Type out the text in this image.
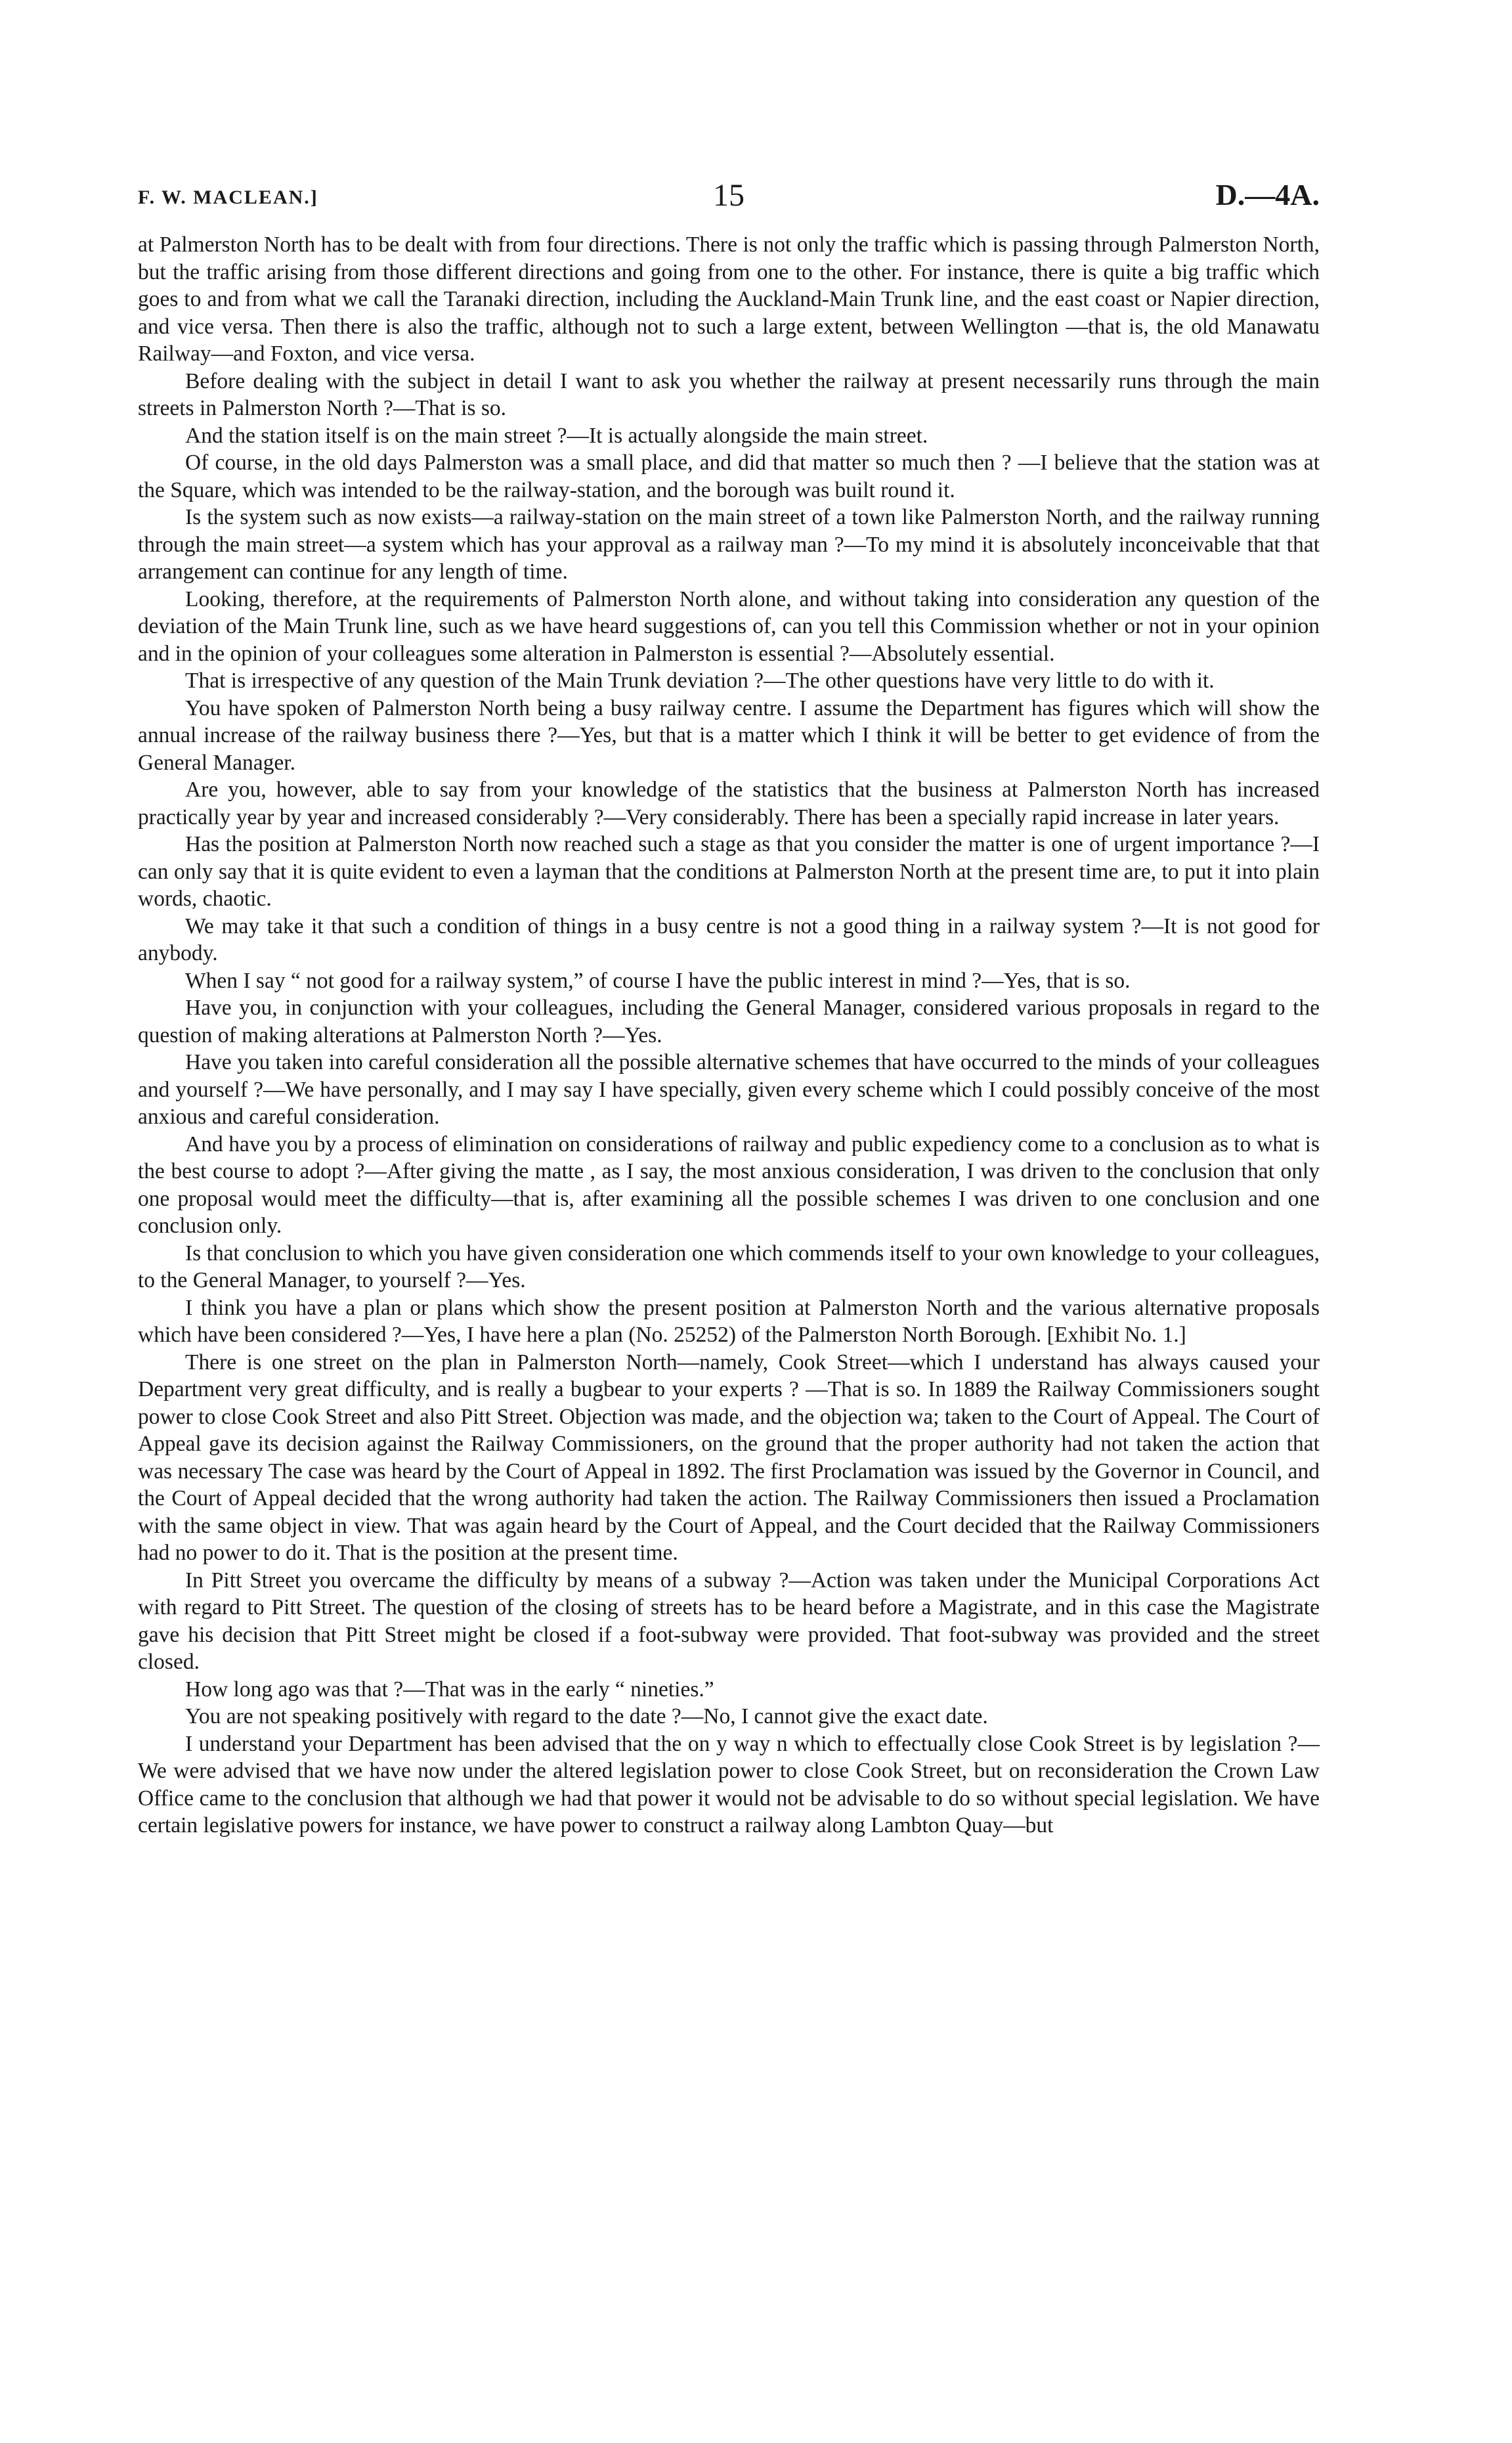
F. W. MACLEAN.]	15	D.—4A.

at Palmerston North has to be dealt with from four directions. There is not only the traffic which is passing through Palmerston North, but the traffic arising from those different directions and going from one to the other. For instance, there is quite a big traffic which goes to and from what we call the Taranaki direction, including the Auckland-Main Trunk line, and the east coast or Napier direction, and vice versa. Then there is also the traffic, although not to such a large extent, between Wellington —that is, the old Manawatu Railway—and Foxton, and vice versa.

Before dealing with the subject in detail I want to ask you whether the railway at present necessarily runs through the main streets in Palmerston North ?—That is so.

And the station itself is on the main street ?—It is actually alongside the main street.

Of course, in the old days Palmerston was a small place, and did that matter so much then ? —I believe that the station was at the Square, which was intended to be the railway-station, and the borough was built round it.

Is the system such as now exists—a railway-station on the main street of a town like Palmerston North, and the railway running through the main street—a system which has your approval as a railway man ?—To my mind it is absolutely inconceivable that that arrangement can continue for any length of time.

Looking, therefore, at the requirements of Palmerston North alone, and without taking into consideration any question of the deviation of the Main Trunk line, such as we have heard suggestions of, can you tell this Commission whether or not in your opinion and in the opinion of your colleagues some alteration in Palmerston is essential ?—Absolutely essential.

That is irrespective of any question of the Main Trunk deviation ?—The other questions have very little to do with it.

You have spoken of Palmerston North being a busy railway centre. I assume the Department has figures which will show the annual increase of the railway business there ?—Yes, but that is a matter which I think it will be better to get evidence of from the General Manager.

Are you, however, able to say from your knowledge of the statistics that the business at Palmerston North has increased practically year by year and increased considerably ?—Very considerably. There has been a specially rapid increase in later years.

Has the position at Palmerston North now reached such a stage as that you consider the matter is one of urgent importance ?—I can only say that it is quite evident to even a layman that the conditions at Palmerston North at the present time are, to put it into plain words, chaotic.

We may take it that such a condition of things in a busy centre is not a good thing in a railway system ?—It is not good for anybody.

When I say “ not good for a railway system,” of course I have the public interest in mind ?—Yes, that is so.

Have you, in conjunction with your colleagues, including the General Manager, considered various proposals in regard to the question of making alterations at Palmerston North ?—Yes.

Have you taken into careful consideration all the possible alternative schemes that have occurred to the minds of your colleagues and yourself ?—We have personally, and I may say I have specially, given every scheme which I could possibly conceive of the most anxious and careful consideration.

And have you by a process of elimination on considerations of railway and public expediency come to a conclusion as to what is the best course to adopt ?—After giving the matte , as I say, the most anxious consideration, I was driven to the conclusion that only one proposal would meet the difficulty—that is, after examining all the possible schemes I was driven to one conclusion and one conclusion only.

Is that conclusion to which you have given consideration one which commends itself to your own knowledge to your colleagues, to the General Manager, to yourself ?—Yes.

I think you have a plan or plans which show the present position at Palmerston North and the various alternative proposals which have been considered ?—Yes, I have here a plan (No. 25252) of the Palmerston North Borough. [Exhibit No. 1.]

There is one street on the plan in Palmerston North—namely, Cook Street—which I understand has always caused your Department very great difficulty, and is really a bugbear to your experts ? —That is so. In 1889 the Railway Commissioners sought power to close Cook Street and also Pitt Street. Objection was made, and the objection wa; taken to the Court of Appeal. The Court of Appeal gave its decision against the Railway Commissioners, on the ground that the proper authority had not taken the action that was necessary The case was heard by the Court of Appeal in 1892. The first Proclamation was issued by the Governor in Council, and the Court of Appeal decided that the wrong authority had taken the action. The Railway Commissioners then issued a Proclamation with the same object in view. That was again heard by the Court of Appeal, and the Court decided that the Railway Commissioners had no power to do it. That is the position at the present time.

In Pitt Street you overcame the difficulty by means of a subway ?—Action was taken under the Municipal Corporations Act with regard to Pitt Street. The question of the closing of streets has to be heard before a Magistrate, and in this case the Magistrate gave his decision that Pitt Street might be closed if a foot-subway were provided. That foot-subway was provided and the street closed.

How long ago was that ?—That was in the early “ nineties.”

You are not speaking positively with regard to the date ?—No, I cannot give the exact date.

I understand your Department has been advised that the on y way n which to effectually close Cook Street is by legislation ?—We were advised that we have now under the altered legislation power to close Cook Street, but on reconsideration the Crown Law Office came to the conclusion that although we had that power it would not be advisable to do so without special legislation. We have certain legislative powers for instance, we have power to construct a railway along Lambton Quay—but
